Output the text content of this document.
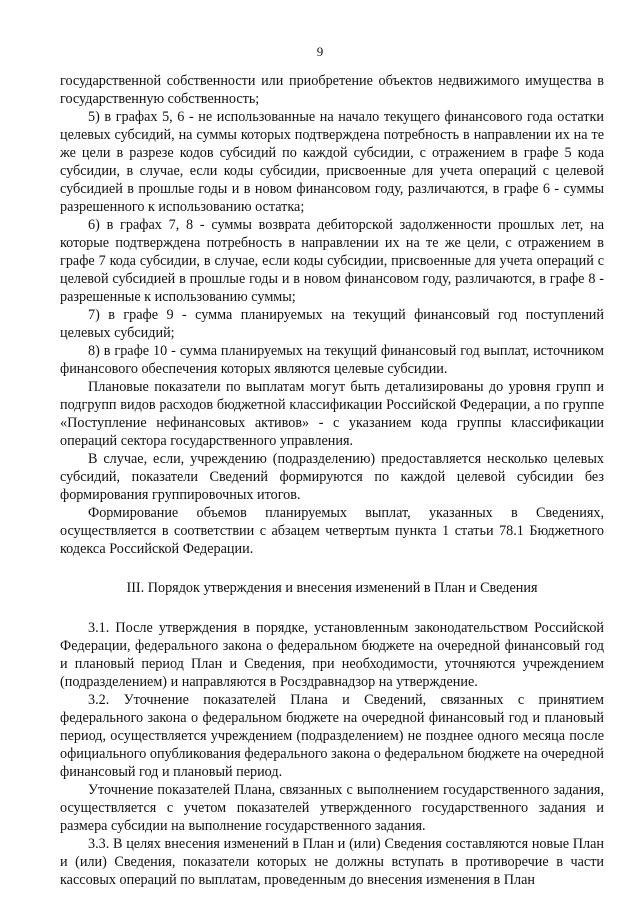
9

государственной собственности или приобретение объектов недвижимого имущества в государственную собственность;

5) в графах 5, 6 - не использованные на начало текущего финансового года остатки целевых субсидий, на суммы которых подтверждена потребность в направлении их на те же цели в разрезе кодов субсидий по каждой субсидии, с отражением в графе 5 кода субсидии, в случае, если коды субсидии, присвоенные для учета операций с целевой субсидией в прошлые годы и в новом финансовом году, различаются, в графе 6 - суммы разрешенного к использованию остатка;

6) в графах 7, 8 - суммы возврата дебиторской задолженности прошлых лет, на которые подтверждена потребность в направлении их на те же цели, с отражением в графе 7 кода субсидии, в случае, если коды субсидии, присвоенные для учета операций с целевой субсидией в прошлые годы и в новом финансовом году, различаются, в графе 8 - разрешенные к использованию суммы;

7) в графе 9 - сумма планируемых на текущий финансовый год поступлений целевых субсидий;

8) в графе 10 - сумма планируемых на текущий финансовый год выплат, источником финансового обеспечения которых являются целевые субсидии.

Плановые показатели по выплатам могут быть детализированы до уровня групп и подгрупп видов расходов бюджетной классификации Российской Федерации, а по группе «Поступление нефинансовых активов» - с указанием кода группы классификации операций сектора государственного управления.

В случае, если, учреждению (подразделению) предоставляется несколько целевых субсидий, показатели Сведений формируются по каждой целевой субсидии без формирования группировочных итогов.

Формирование объемов планируемых выплат, указанных в Сведениях, осуществляется в соответствии с абзацем четвертым пункта 1 статьи 78.1 Бюджетного кодекса Российской Федерации.

III. Порядок утверждения и внесения изменений в План и Сведения

3.1. После утверждения в порядке, установленным законодательством Российской Федерации, федерального закона о федеральном бюджете на очередной финансовый год и плановый период План и Сведения, при необходимости, уточняются учреждением (подразделением) и направляются в Росздравнадзор на утверждение.

3.2. Уточнение показателей Плана и Сведений, связанных с принятием федерального закона о федеральном бюджете на очередной финансовый год и плановый период, осуществляется учреждением (подразделением) не позднее одного месяца после официального опубликования федерального закона о федеральном бюджете на очередной финансовый год и плановый период.

Уточнение показателей Плана, связанных с выполнением государственного задания, осуществляется с учетом показателей утвержденного государственного задания и размера субсидии на выполнение государственного задания.

3.3. В целях внесения изменений в План и (или) Сведения составляются новые План и (или) Сведения, показатели которых не должны вступать в противоречие в части кассовых операций по выплатам, проведенным до внесения изменения в План
